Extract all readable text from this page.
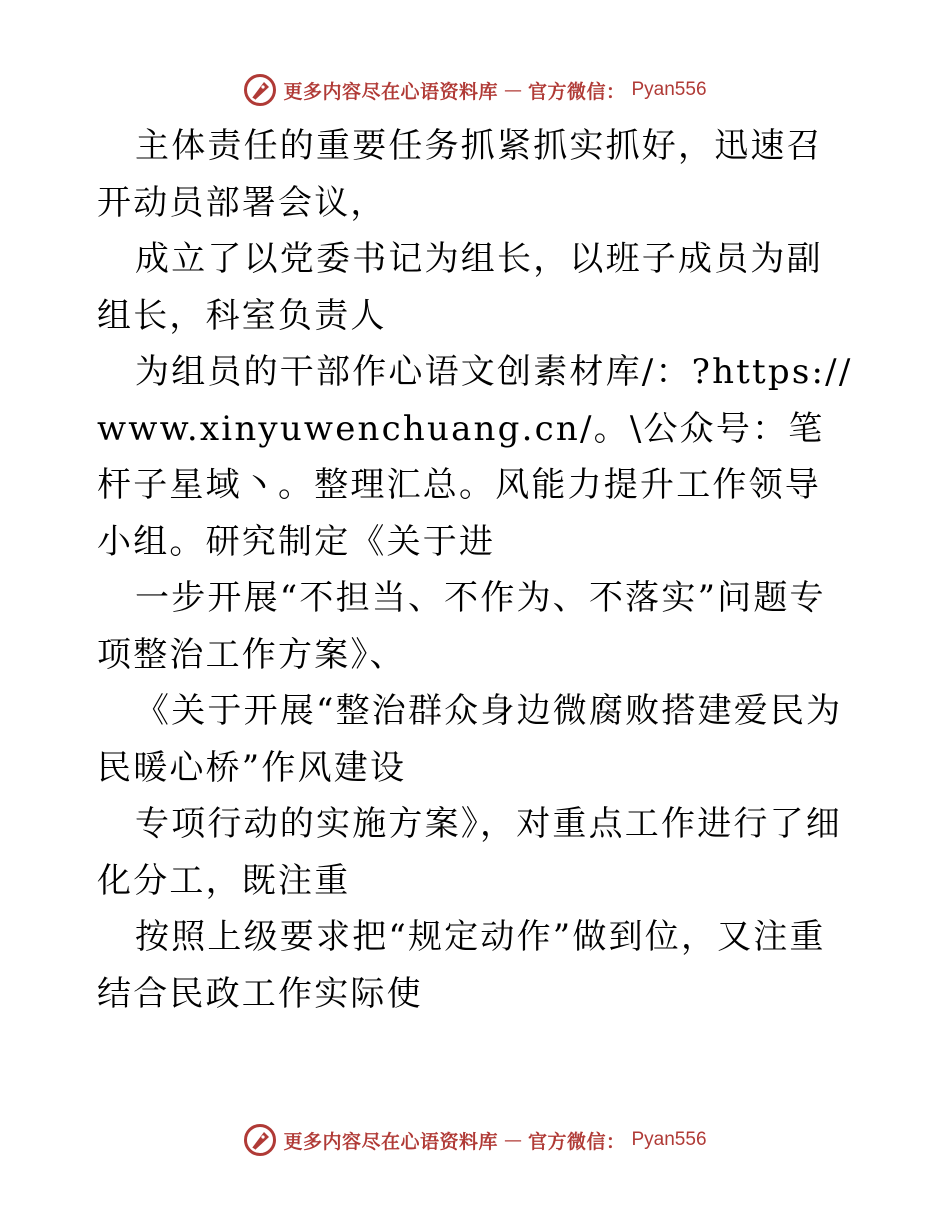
更多内容尽在心语资料库 — 官方微信： Pyan556

主体责任的重要任务抓紧抓实抓好，迅速召开动员部署会议，

成立了以党委书记为组长，以班子成员为副组长，科室负责人

为组员的干部作心语文创素材库/：?https://www.xinyuwenchuang.cn/。\公众号：笔杆子星域丶。整理汇总。风能力提升工作领导小组。研究制定《关于进

一步开展“不担当、不作为、不落实”问题专项整治工作方案》、

《关于开展“整治群众身边微腐败搭建爱民为民暖心桥”作风建设

专项行动的实施方案》，对重点工作进行了细化分工，既注重

按照上级要求把“规定动作”做到位，又注重结合民政工作实际使

更多内容尽在心语资料库 — 官方微信： Pyan556
